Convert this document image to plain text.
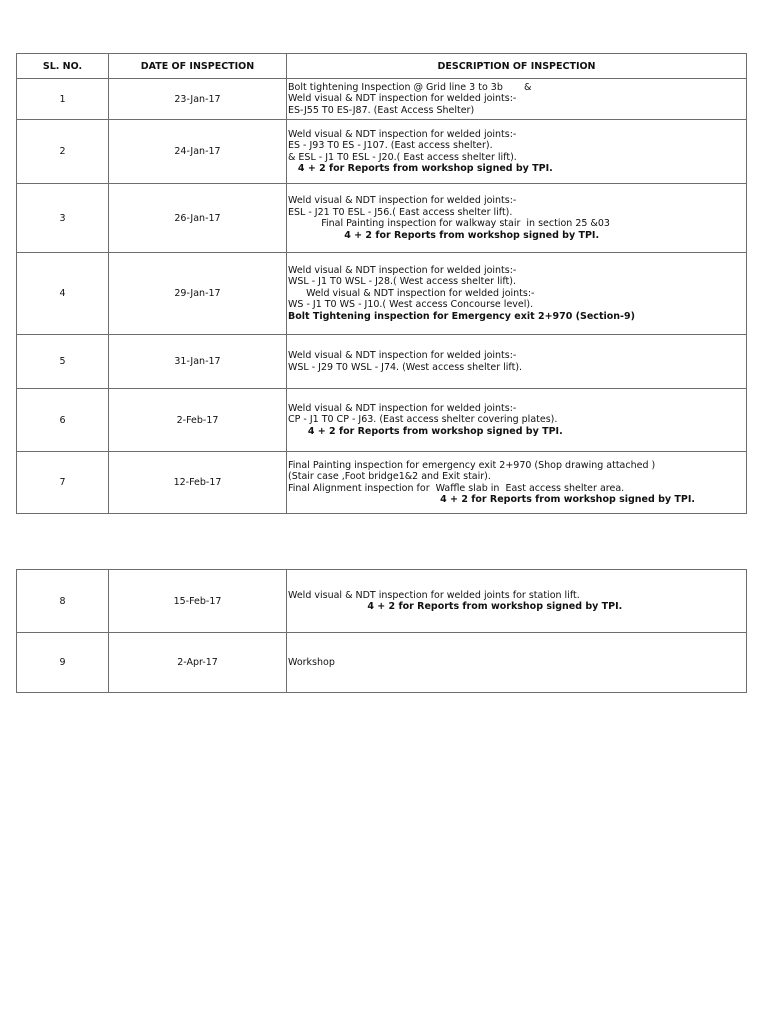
SL. NO.	DATE OF INSPECTION	DESCRIPTION OF INSPECTION
1	23-Jan-17	Bolt tightening Inspection @ Grid line 3 to 3b       &
Weld visual & NDT inspection for welded joints:-
ES-J55 T0 ES-J87. (East Access Shelter)

2	24-Jan-17	Weld visual & NDT inspection for welded joints:-
ES - J93 T0 ES - J107. (East access shelter).
& ESL - J1 T0 ESL - J20.( East access shelter lift).
4 + 2 for Reports from workshop signed by TPI.

3	26-Jan-17	Weld visual & NDT inspection for welded joints:-
ESL - J21 T0 ESL - J56.( East access shelter lift).
Final Painting inspection for walkway stair  in section 25 &03
4 + 2 for Reports from workshop signed by TPI.

4	29-Jan-17	Weld visual & NDT inspection for welded joints:-
WSL - J1 T0 WSL - J28.( West access shelter lift).
Weld visual & NDT inspection for welded joints:-
WS - J1 T0 WS - J10.( West access Concourse level).
Bolt Tightening inspection for Emergency exit 2+970 (Section-9)

5	31-Jan-17	Weld visual & NDT inspection for welded joints:-
WSL - J29 T0 WSL - J74. (West access shelter lift).

6	2-Feb-17	Weld visual & NDT inspection for welded joints:-
CP - J1 T0 CP - J63. (East access shelter covering plates).
4 + 2 for Reports from workshop signed by TPI.

7	12-Feb-17	Final Painting inspection for emergency exit 2+970 (Shop drawing attached )
(Stair case ,Foot bridge1&2 and Exit stair).
Final Alignment inspection for  Waffle slab in  East access shelter area.
4 + 2 for Reports from workshop signed by TPI.
8	15-Feb-17	Weld visual & NDT inspection for welded joints for station lift.
4 + 2 for Reports from workshop signed by TPI.

9	2-Apr-17	Workshop
